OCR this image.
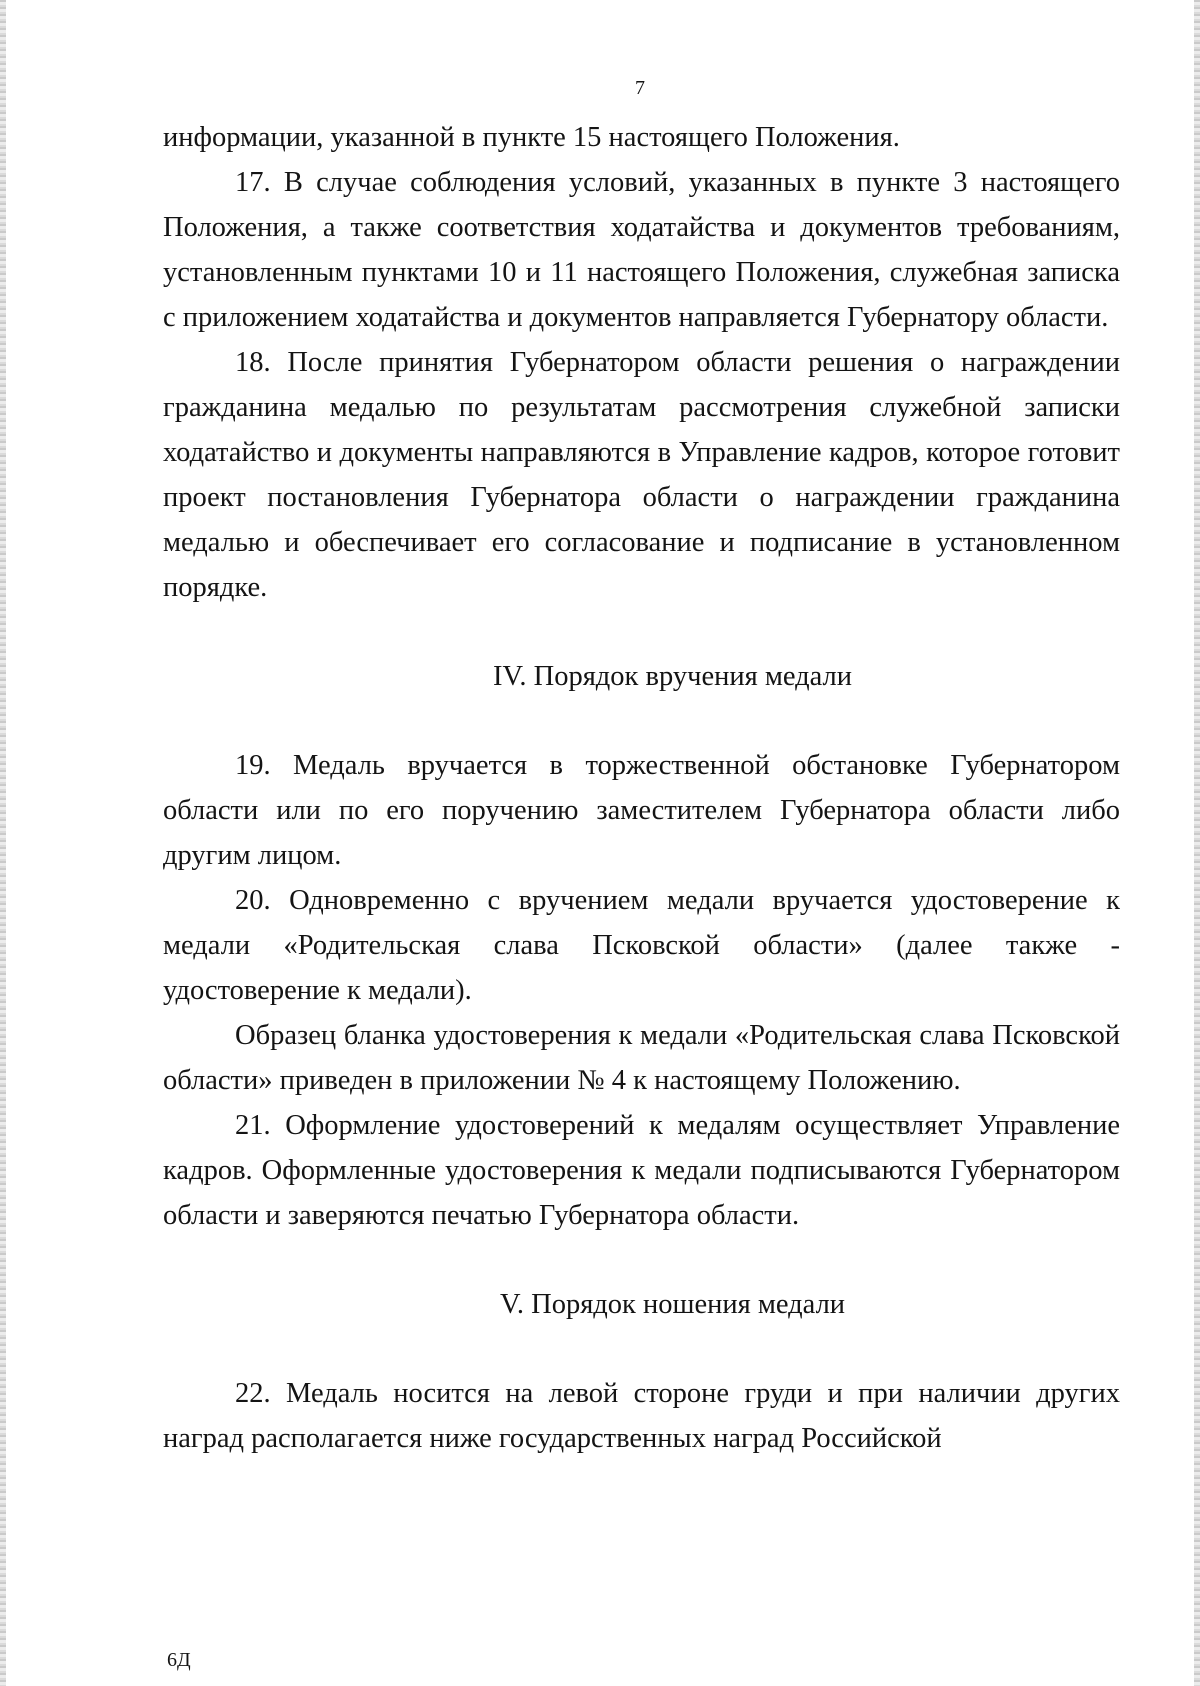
7

информации, указанной в пункте 15 настоящего Положения.

17. В случае соблюдения условий, указанных в пункте 3 настоящего Положения, а также соответствия ходатайства и документов требованиям, установленным пунктами 10 и 11 настоящего Положения, служебная записка с приложением ходатайства и документов направляется Губернатору области.

18. После принятия Губернатором области решения о награждении гражданина медалью по результатам рассмотрения служебной записки ходатайство и документы направляются в Управление кадров, которое готовит проект постановления Губернатора области о награждении гражданина медалью и обеспечивает его согласование и подписание в установленном порядке.

IV. Порядок вручения медали

19. Медаль вручается в торжественной обстановке Губернатором области или по его поручению заместителем Губернатора области либо другим лицом.

20. Одновременно с вручением медали вручается удостоверение к медали «Родительская слава Псковской области» (далее также - удостоверение к медали).

Образец бланка удостоверения к медали «Родительская слава Псковской области» приведен в приложении № 4 к настоящему Положению.

21. Оформление удостоверений к медалям осуществляет Управление кадров. Оформленные удостоверения к медали подписываются Губернатором области и заверяются печатью Губернатора области.

V. Порядок ношения медали

22. Медаль носится на левой стороне груди и при наличии других наград располагается ниже государственных наград Российской

6Д
